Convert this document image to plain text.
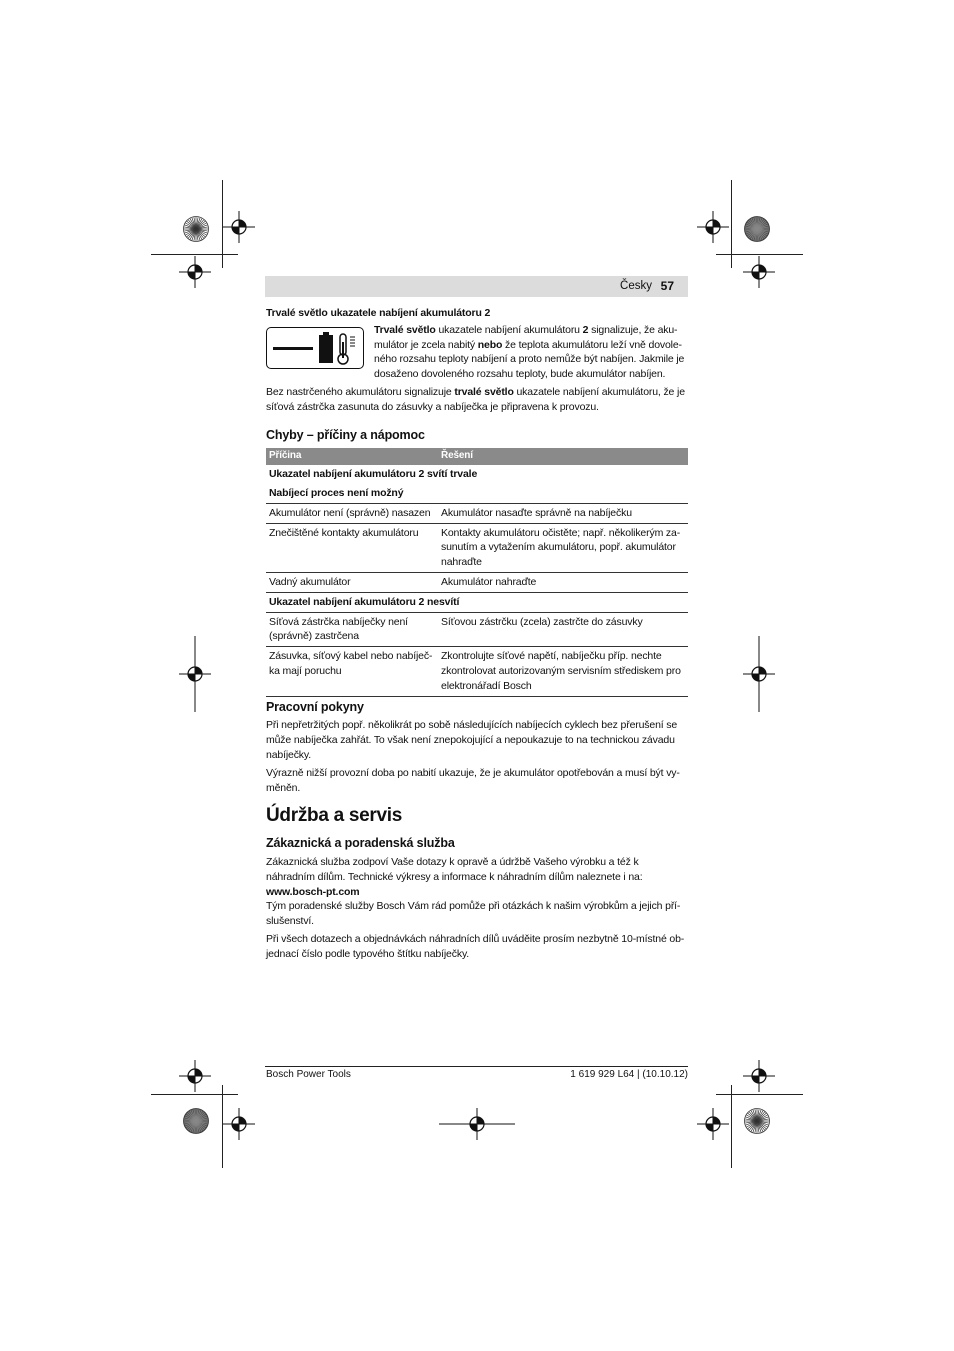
Česky 57

Trvalé světlo ukazatele nabíjení akumulátoru 2

Trvalé světlo ukazatele nabíjení akumulátoru 2 signalizuje, že aku-mulátor je zcela nabitý nebo že teplota akumulátoru leží vně dovole-ného rozsahu teploty nabíjení a proto nemůže být nabíjen. Jakmile je dosaženo dovoleného rozsahu teploty, bude akumulátor nabíjen.

Bez nastrčeného akumulátoru signalizuje trvalé světlo ukazatele nabíjení akumulátoru, že je síťová zástrčka zasunuta do zásuvky a nabíječka je připravena k provozu.

Chyby – příčiny a nápomoc

Příčina	Řešení
Ukazatel nabíjení akumulátoru 2 svítí trvale	
Nabíjecí proces není možný	
Akumulátor není (správně) nasazen	Akumulátor nasaďte správně na nabíječku
Znečištěné kontakty akumulátoru	Kontakty akumulátoru očistěte; např. několikerým za-sunutím a vytažením akumulátoru, popř. akumulátor nahraďte
Vadný akumulátor	Akumulátor nahraďte
Ukazatel nabíjení akumulátoru 2 nesvítí	
Síťová zástrčka nabíječky není (správně) zastrčena	Síťovou zástrčku (zcela) zastrčte do zásuvky
Zásuvka, síťový kabel nebo nabíječ-ka mají poruchu	Zkontrolujte síťové napětí, nabíječku příp. nechte zkontrolovat autorizovaným servisním střediskem pro elektronářadí Bosch

Pracovní pokyny

Při nepřetržitých popř. několikrát po sobě následujících nabíjecích cyklech bez přerušení se může nabíječka zahřát. To však není znepokojující a nepoukazuje to na technickou závadu nabíječky.

Výrazně nižší provozní doba po nabití ukazuje, že je akumulátor opotřebován a musí být vy-měněn.

Údržba a servis

Zákaznická a poradenská služba

Zákaznická služba zodpoví Vaše dotazy k opravě a údržbě Vašeho výrobku a též k náhradním dílům. Technické výkresy a informace k náhradním dílům naleznete i na:

www.bosch-pt.com

Tým poradenské služby Bosch Vám rád pomůže při otázkách k našim výrobkům a jejich pří-slušenství.

Při všech dotazech a objednávkách náhradních dílů uváděite prosím nezbytně 10-místné ob-jednací číslo podle typového štítku nabíječky.

Bosch Power Tools	1 619 929 L64 | (10.10.12)
